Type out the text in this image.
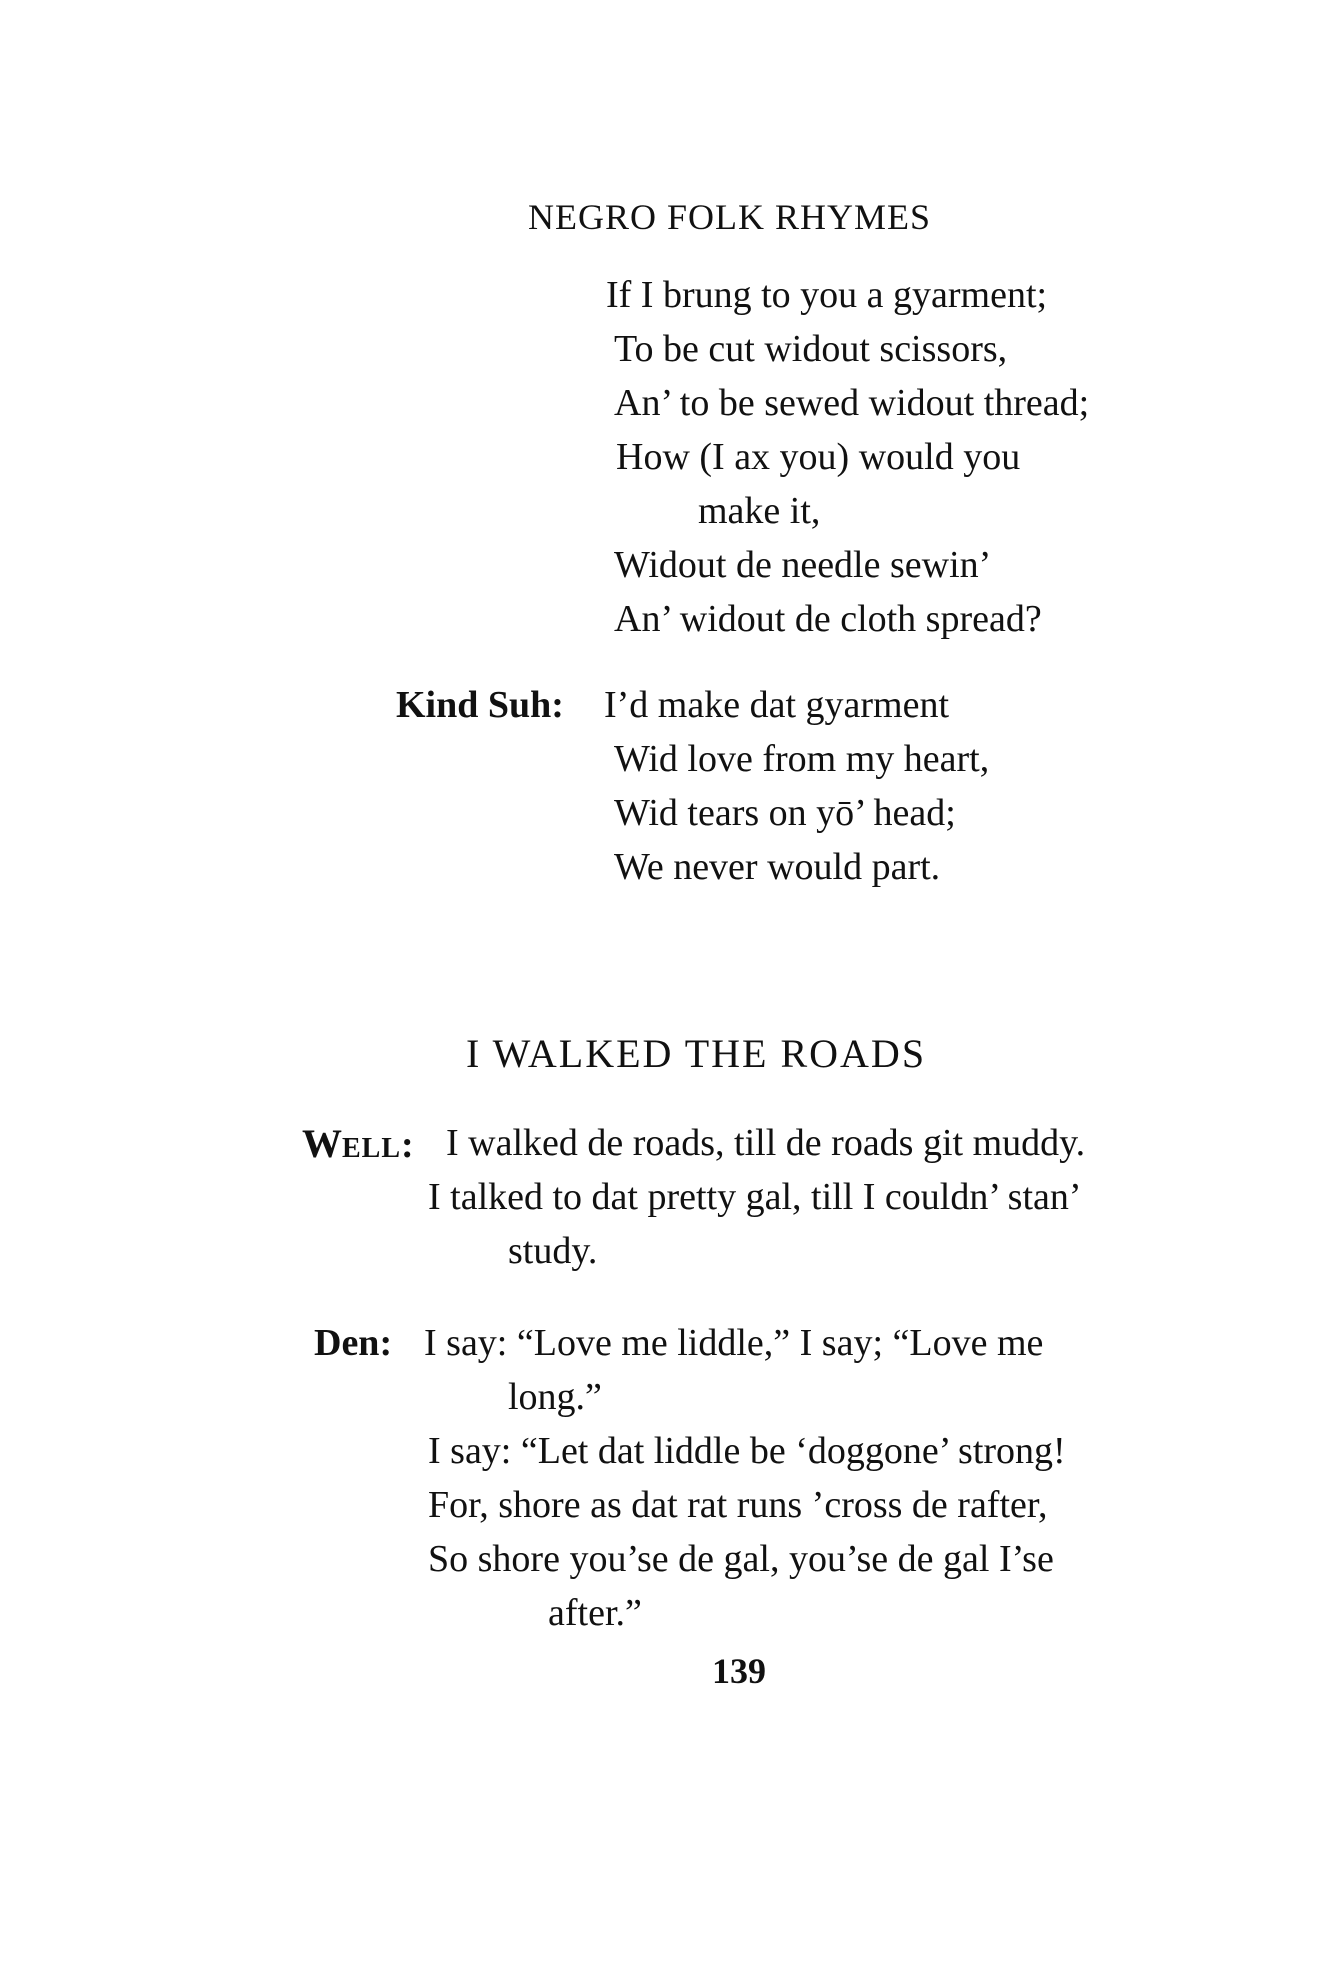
NEGRO FOLK RHYMES
If I brung to you a gyarment;
To be cut widout scissors,
An’ to be sewed widout thread;
How (I ax you) would you
make it,
Widout de needle sewin’
An’ widout de cloth spread?
Kind Suh: I’d make dat gyarment
Wid love from my heart,
Wid tears on yō’ head;
We never would part.
I WALKED THE ROADS
WELL: I walked de roads, till de roads git muddy.
I talked to dat pretty gal, till I couldn’ stan’
study.
Den: I say: “Love me liddle,” I say; “Love me
long.”
I say: “Let dat liddle be ‘doggone’ strong!
For, shore as dat rat runs ’cross de rafter,
So shore you’se de gal, you’se de gal I’se
after.”
139
